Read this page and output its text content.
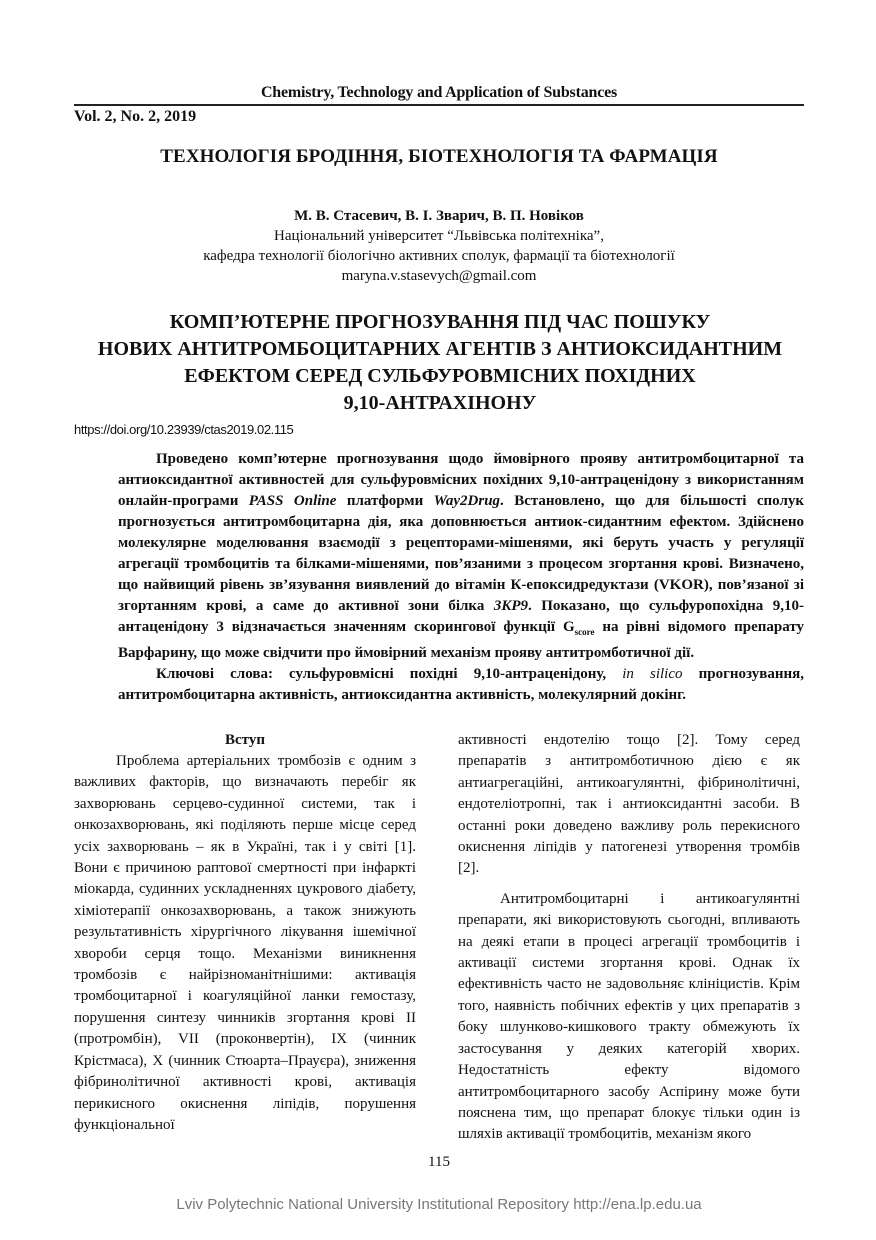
Chemistry, Technology and Application of Substances
Vol. 2, No. 2, 2019
ТЕХНОЛОГІЯ БРОДІННЯ, БІОТЕХНОЛОГІЯ ТА ФАРМАЦІЯ
М. В. Стасевич, В. І. Зварич, В. П. Новіков
Національний університет “Львівська політехніка”,
кафедра технології біологічно активних сполук, фармації та біотехнології
maryna.v.stasevych@gmail.com
КОМП’ЮТЕРНЕ ПРОГНОЗУВАННЯ ПІД ЧАС ПОШУКУ
НОВИХ АНТИТРОМБОЦИТАРНИХ АГЕНТІВ З АНТИОКСИДАНТНИМ
ЕФЕКТОМ СЕРЕД СУЛЬФУРОВМІСНИХ ПОХІДНИХ
9,10-АНТРАХІНОНУ
https://doi.org/10.23939/ctas2019.02.115

Проведено комп’ютерне прогнозування щодо ймовірного прояву антитромбоцитарної та антиоксидантної активностей для сульфуровмісних похідних 9,10-антраценідону з використанням онлайн-програми PASS Online платформи Way2Drug. Встановлено, що для більшості сполук прогнозується антитромбоцитарна дія, яка доповнюється антиок-сидантним ефектом. Здійснено молекулярне моделювання взаємодії з рецепторами-мішенями, які беруть участь у регуляції агрегації тромбоцитів та білками-мішенями, пов’язаними з процесом згортання крові. Визначено, що найвищий рівень зв’язування виявлений до вітамін К-епоксидредуктази (VKOR), пов’язаної зі згортанням крові, а саме до активної зони білка 3KP9. Показано, що сульфуропохідна 9,10-антаценідону 3 відзначається значенням скорингової функції $G_{score}$ на рівні відомого препарату Варфарину, що може свідчити про ймовірний механізм прояву антитромботичної дії.

Ключові слова: сульфуровмісні похідні 9,10-антраценідону, in silico прогнозування, антитромбоцитарна активність, антиоксидантна активність, молекулярний докінг.

Вступ

Проблема артеріальних тромбозів є одним з важливих факторів, що визначають перебіг як захворювань серцево-судинної системи, так і онкозахворювань, які поділяють перше місце серед усіх захворювань – як в Україні, так і у світі [1]. Вони є причиною раптової смертності при інфаркті міокарда, судинних ускладненнях цукрового діабету, хіміотерапії онкозахворювань, а також знижують результативність хірургічного лікування ішемічної хвороби серця тощо. Механізми виникнення тромбозів є найрізноманітнішими: активація тромбоцитарної і коагуляційної ланки гемостазу, порушення синтезу чинників згортання крові II (протромбін), VII (проконвертін), IX (чинник Крістмаса), X (чинник Стюарта–Прауєра), зниження фібринолітичної активності крові, активація перикисного окиснення ліпідів, порушення функціональної

активності ендотелію тощо [2]. Тому серед препаратів з антитромботичною дією є як антиагрегаційні, антикоагулянтні, фібринолітичні, ендотеліотропні, так і антиоксидантні засоби. В останні роки доведено важливу роль перекисного окиснення ліпідів у патогенезі утворення тромбів [2].

Антитромбоцитарні і антикоагулянтні препарати, які використовують сьогодні, впливають на деякі етапи в процесі агрегації тромбоцитів і активації системи згортання крові. Однак їх ефективність часто не задовольняє клініцистів. Крім того, наявність побічних ефектів у цих препаратів з боку шлунково-кишкового тракту обмежують їх застосування у деяких категорій хворих. Недостатність ефекту відомого антитромбоцитарного засобу Аспірину може бути пояснена тим, що препарат блокує тільки один із шляхів активації тромбоцитів, механізм якого

115
Lviv Polytechnic National University Institutional Repository http://ena.lp.edu.ua
